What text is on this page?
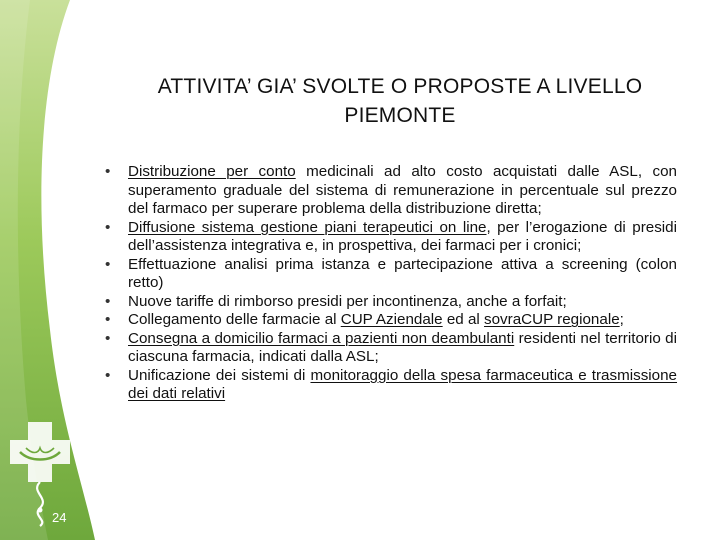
24
ATTIVITA’ GIA’ SVOLTE O PROPOSTE A LIVELLO
PIEMONTE
• Distribuzione per conto medicinali ad alto costo acquistati dalle ASL, con superamento graduale del sistema di remunerazione in percentuale sul prezzo del farmaco per superare problema della distribuzione diretta;
• Diffusione sistema gestione piani terapeutici on line, per l’erogazione di presidi dell’assistenza integrativa e, in prospettiva, dei farmaci per i cronici;
• Effettuazione analisi prima istanza e partecipazione attiva a screening (colon retto)
• Nuove tariffe di rimborso presidi per incontinenza, anche a forfait;
• Collegamento delle farmacie al CUP Aziendale ed al sovraCUP regionale;
• Consegna a domicilio farmaci a pazienti non deambulanti residenti nel territorio di ciascuna farmacia, indicati dalla ASL;
• Unificazione dei sistemi di monitoraggio della spesa farmaceutica e trasmissione dei dati relativi
